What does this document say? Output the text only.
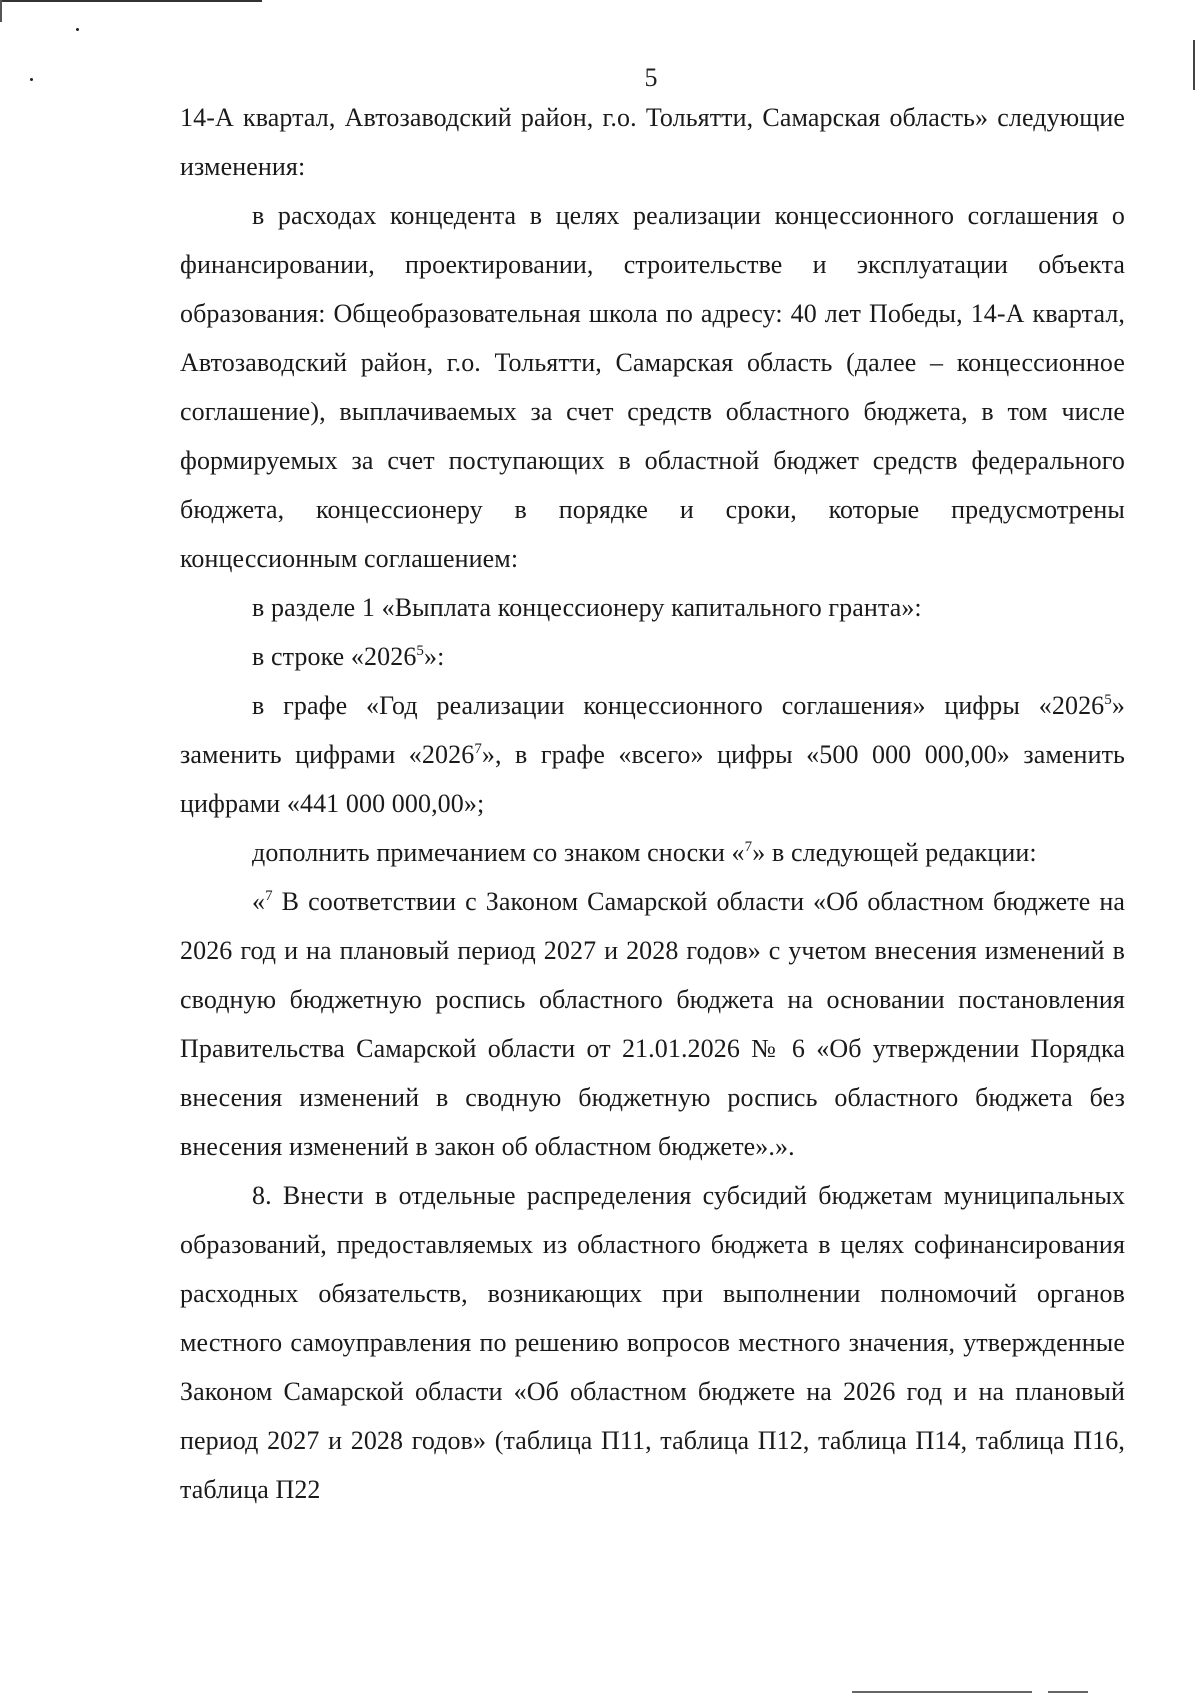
5

14-А квартал, Автозаводский район, г.о. Тольятти, Самарская область» следующие изменения:

в расходах концедента в целях реализации концессионного соглашения о финансировании, проектировании, строительстве и эксплуатации объекта образования: Общеобразовательная школа по адресу: 40 лет Победы, 14-А квартал, Автозаводский район, г.о. Тольятти, Самарская область (далее – концессионное соглашение), выплачиваемых за счет средств областного бюджета, в том числе формируемых за счет поступающих в областной бюджет средств федерального бюджета, концессионеру в порядке и сроки, которые предусмотрены концессионным соглашением:

в разделе 1 «Выплата концессионеру капитального гранта»:

в строке «2026$^5$»:

в графе «Год реализации концессионного соглашения» цифры «2026$^5$» заменить цифрами «2026$^7$», в графе «всего» цифры «500 000 000,00» заменить цифрами «441 000 000,00»;

дополнить примечанием со знаком сноски «$^7$» в следующей редакции:

«$^7$ В соответствии с Законом Самарской области «Об областном бюджете на 2026 год и на плановый период 2027 и 2028 годов» с учетом внесения изменений в сводную бюджетную роспись областного бюджета на основании постановления Правительства Самарской области от 21.01.2026 № 6 «Об утверждении Порядка внесения изменений в сводную бюджетную роспись областного бюджета без внесения изменений в закон об областном бюджете».».

8. Внести в отдельные распределения субсидий бюджетам муниципальных образований, предоставляемых из областного бюджета в целях софинансирования расходных обязательств, возникающих при выполнении полномочий органов местного самоуправления по решению вопросов местного значения, утвержденные Законом Самарской области «Об областном бюджете на 2026 год и на плановый период 2027 и 2028 годов» (таблица П11, таблица П12, таблица П14, таблица П16, таблица П22
